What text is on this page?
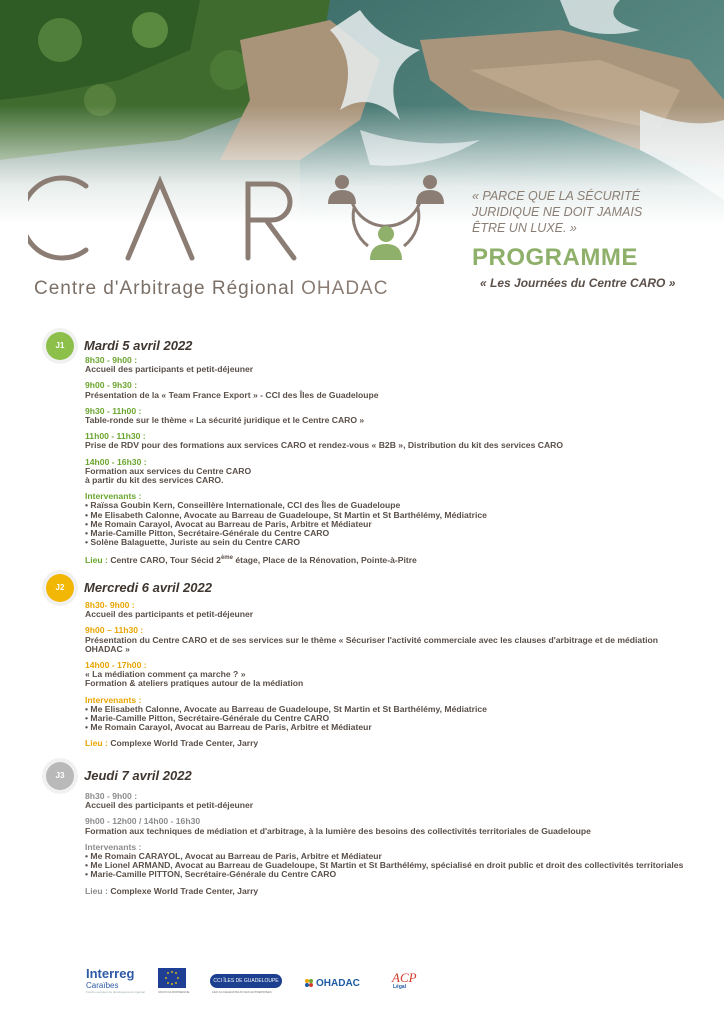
Centre d'Arbitrage Régional OHADAC
« PARCE QUE LA SÉCURITÉ
JURIDIQUE NE DOIT JAMAIS
ÊTRE UN LUXE. »
PROGRAMME
« Les Journées du Centre CARO »
J1	Mardi 5 avril 2022
8h30 - 9h00 :
Accueil des participants et petit-déjeuner
9h00 - 9h30 :
Présentation de la « Team France Export » - CCI des Îles de Guadeloupe
9h30 - 11h00 :
Table-ronde sur le thème « La sécurité juridique et le Centre CARO »
11h00 - 11h30 :
Prise de RDV pour des formations aux services CARO et rendez-vous « B2B », Distribution du kit des services CARO
14h00 - 16h30 :
Formation aux services du Centre CARO
à partir du kit des services CARO.
Intervenants :
• Raïssa Goubin Kern, Conseillère Internationale, CCI des Îles de Guadeloupe
• Me Elisabeth Calonne, Avocate au Barreau de Guadeloupe, St Martin et St Barthélémy, Médiatrice
• Me Romain Carayol, Avocat au Barreau de Paris, Arbitre et Médiateur
• Marie-Camille Pitton, Secrétaire-Générale du Centre CARO
• Solène Balaguette, Juriste au sein du Centre CARO
Lieu : Centre CARO, Tour Sécid 2ème étage, Place de la Rénovation, Pointe-à-Pitre
J2	Mercredi 6 avril 2022
8h30- 9h00 :
Accueil des participants et petit-déjeuner
9h00 – 11h30 :
Présentation du Centre CARO et de ses services sur le thème « Sécuriser l'activité commerciale avec les clauses d'arbitrage et de médiation
OHADAC »
14h00 - 17h00 :
« La médiation comment ça marche ? »
Formation & ateliers pratiques autour de la médiation
Intervenants :
• Me Elisabeth Calonne, Avocate au Barreau de Guadeloupe, St Martin et St Barthélémy, Médiatrice
• Marie-Camille Pitton, Secrétaire-Générale du Centre CARO
• Me Romain Carayol, Avocat au Barreau de Paris, Arbitre et Médiateur
Lieu : Complexe World Trade Center, Jarry
J3	Jeudi 7 avril 2022
8h30 - 9h00 :
Accueil des participants et petit-déjeuner
9h00 - 12h00 / 14h00 - 16h30
Formation aux techniques de médiation et d'arbitrage, à la lumière des besoins des collectivités territoriales de Guadeloupe
Intervenants :
• Me Romain CARAYOL, Avocat au Barreau de Paris, Arbitre et Médiateur
• Me Lionel ARMAND, Avocat au Barreau de Guadeloupe, St Martin et St Barthélémy, spécialisé en droit public et droit des collectivités territoriales
• Marie-Camille PITTON, Secrétaire-Générale du Centre CARO
Lieu : Complexe World Trade Center, Jarry
Interreg
Caraïbes
Fonds européen de développement régional	UNION EUROPÉENNE
CCI ÎLES DE GUADELOUPE
1ER ACCÉLÉRATEUR DES ENTREPRISES
OHADAC ACP
Légal
